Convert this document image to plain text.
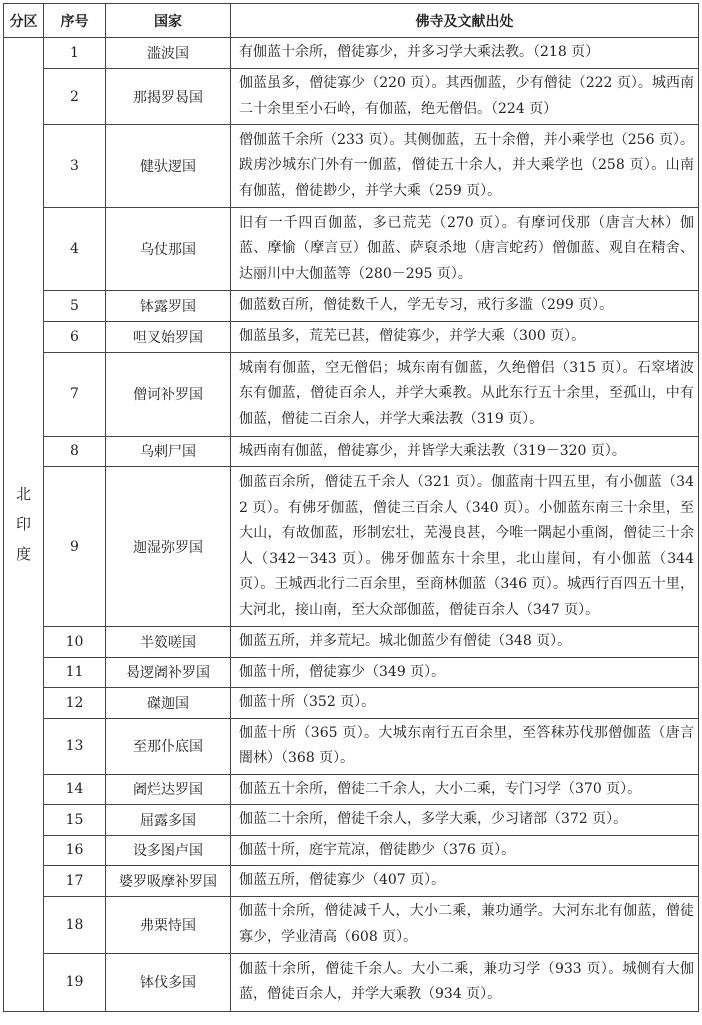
分区	序号	国家	佛寺及文献出处
北印度	1	滥波国	有伽蓝十余所，僧徒寡少，并多习学大乘法教。（218 页）
	2	那揭罗曷国	伽蓝虽多，僧徒寡少（220 页）。其西伽蓝，少有僧徒（222 页）。城西南二十余里至小石岭，有伽蓝，绝无僧侣。（224 页）
	3	健驮逻国	僧伽蓝千余所（233 页）。其侧伽蓝，五十余僧，并小乘学也（256 页）。跋虏沙城东门外有一伽蓝，僧徒五十余人，并大乘学也（258 页）。山南有伽蓝，僧徒尠少，并学大乘（259 页）。
	4	乌仗那国	旧有一千四百伽蓝，多已荒芜（270 页）。有摩诃伐那（唐言大林）伽蓝、摩愉（摩言豆）伽蓝、萨裒杀地（唐言蛇药）僧伽蓝、观自在精舍、达丽川中大伽蓝等（280－295 页）。
	5	钵露罗国	伽蓝数百所，僧徒数千人，学无专习，戒行多滥（299 页）。
	6	呾叉始罗国	伽蓝虽多，荒芜已甚，僧徒寡少，并学大乘（300 页）。
	7	僧诃补罗国	城南有伽蓝，空无僧侣；城东南有伽蓝，久绝僧侣（315 页）。石窣堵波东有伽蓝，僧徒百余人，并学大乘教。从此东行五十余里，至孤山，中有伽蓝，僧徒二百余人，并学大乘法教（319 页）。
	8	乌剌尸国	城西南有伽蓝，僧徒寡少，并皆学大乘法教（319－320 页）。
	9	迦湿弥罗国	伽蓝百余所，僧徒五千余人（321 页）。伽蓝南十四五里，有小伽蓝（342 页）。有佛牙伽蓝，僧徒三百余人（340 页）。小伽蓝东南三十余里，至大山，有故伽蓝，形制宏壮，芜漫良甚，今唯一隅起小重阁，僧徒三十余人（342－343 页）。佛牙伽蓝东十余里，北山崖间，有小伽蓝（344 页）。王城西北行二百余里，至商林伽蓝（346 页）。城西行百四五十里，大河北，接山南，至大众部伽蓝，僧徒百余人（347 页）。
	10	半笯嗟国	伽蓝五所，并多荒圮。城北伽蓝少有僧徒（348 页）。
	11	曷逻阇补罗国	伽蓝十所，僧徒寡少（349 页）。
	12	磔迦国	伽蓝十所（352 页）。
	13	至那仆底国	伽蓝十所（365 页）。大城东南行五百余里，至答秣苏伐那僧伽蓝（唐言闇林）（368 页）。
	14	阇烂达罗国	伽蓝五十余所，僧徒二千余人，大小二乘，专门习学（370 页）。
	15	屈露多国	伽蓝二十余所，僧徒千余人，多学大乘，少习诸部（372 页）。
	16	设多图卢国	伽蓝十所，庭宇荒凉，僧徒尠少（376 页）。
	17	婆罗吸摩补罗国	伽蓝五所，僧徒寡少（407 页）。
	18	弗栗恃国	伽蓝十余所，僧徒减千人，大小二乘，兼功通学。大河东北有伽蓝，僧徒寡少，学业清高（608 页）。
	19	钵伐多国	伽蓝十余所，僧徒千余人。大小二乘，兼功习学（933 页）。城侧有大伽蓝，僧徒百余人，并学大乘教（934 页）。
